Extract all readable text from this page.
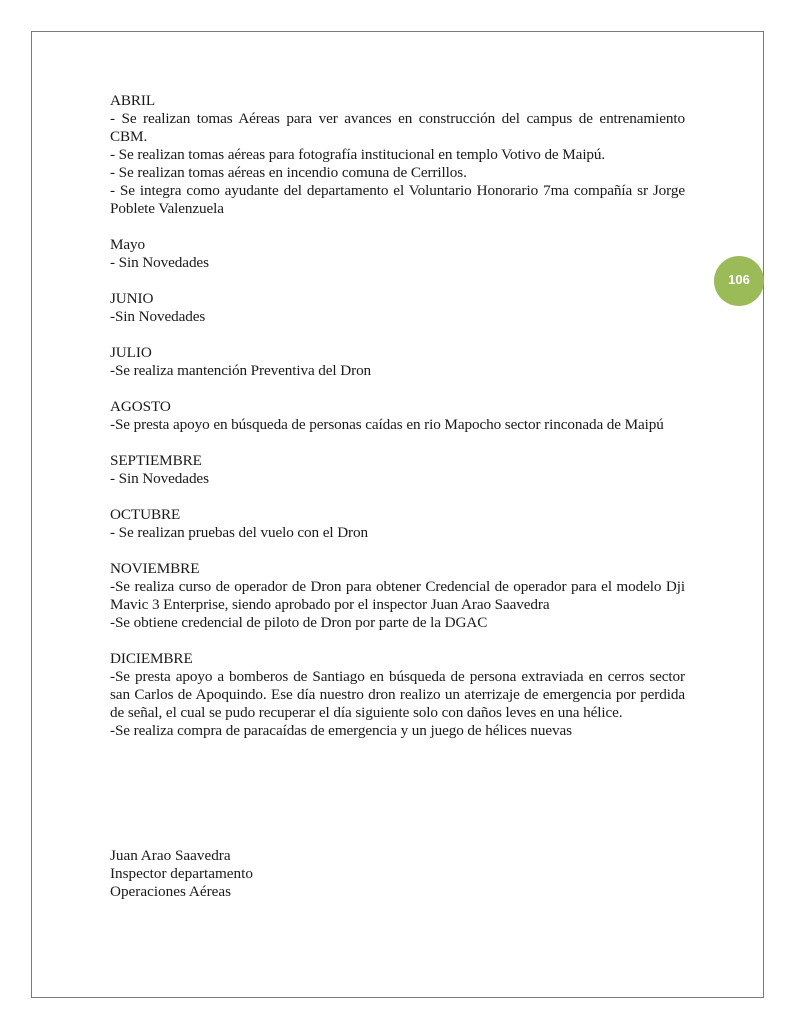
106
ABRIL
- Se realizan tomas Aéreas para ver avances en construcción del campus de entrenamiento CBM.
- Se realizan tomas aéreas para fotografía institucional en templo Votivo de Maipú.
- Se realizan tomas aéreas en incendio comuna de Cerrillos.
- Se integra como ayudante del departamento el Voluntario Honorario 7ma compañía sr Jorge Poblete Valenzuela
Mayo
- Sin Novedades
JUNIO
-Sin Novedades
JULIO
-Se realiza mantención Preventiva del Dron
AGOSTO
-Se presta apoyo en búsqueda de personas caídas en rio Mapocho sector rinconada de Maipú
SEPTIEMBRE
- Sin Novedades
OCTUBRE
- Se realizan pruebas del vuelo con el Dron
NOVIEMBRE
-Se realiza curso de operador de Dron para obtener Credencial de operador para el modelo Dji Mavic 3 Enterprise, siendo aprobado por el inspector Juan Arao Saavedra
-Se obtiene credencial de piloto de Dron por parte de la DGAC
DICIEMBRE
-Se presta apoyo a bomberos de Santiago en búsqueda de persona extraviada en cerros sector san Carlos de Apoquindo. Ese día nuestro dron realizo un aterrizaje de emergencia por perdida de señal, el cual se pudo recuperar el día siguiente solo con daños leves en una hélice.
-Se realiza compra de paracaídas de emergencia y un juego de hélices nuevas
Juan Arao Saavedra
Inspector departamento
Operaciones Aéreas
